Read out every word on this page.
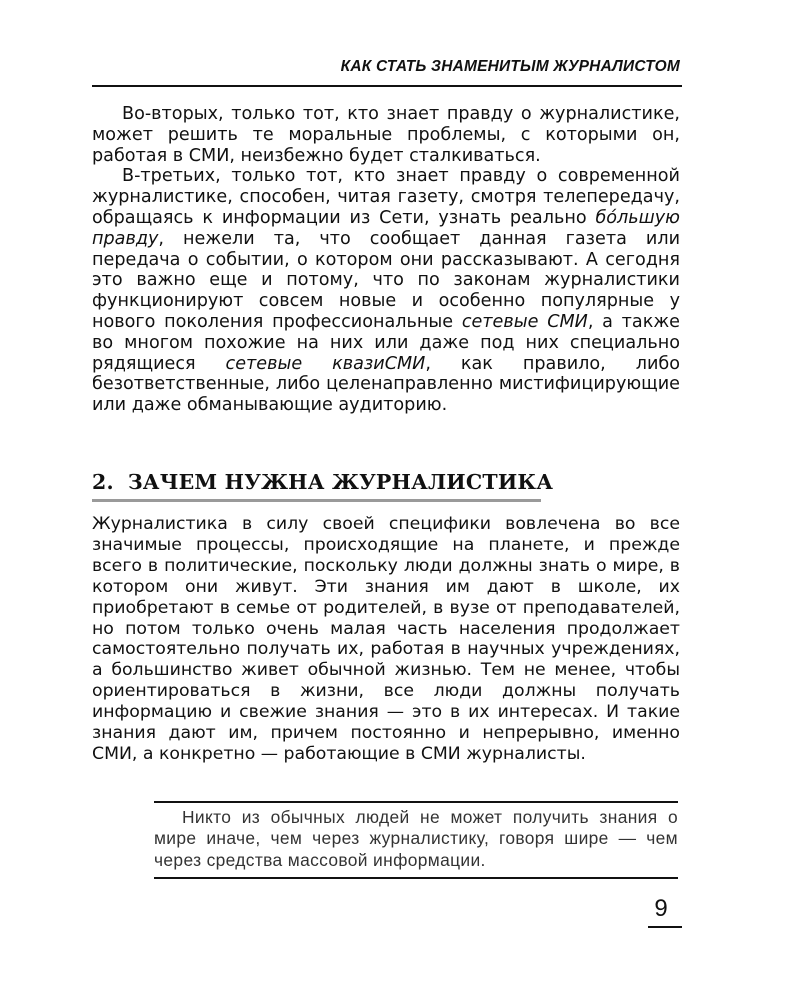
КАК СТАТЬ ЗНАМЕНИТЫМ ЖУРНАЛИСТОМ

Во-вторых, только тот, кто знает правду о журналистике, может решить те моральные проблемы, с которыми он, работая в СМИ, неизбежно будет сталкиваться.

В-третьих, только тот, кто знает правду о современной журналистике, способен, читая газету, смотря телепередачу, обращаясь к информации из Сети, узнать реально бóльшую правду, нежели та, что сообщает данная газета или передача о событии, о котором они рассказывают. А сегодня это важно еще и потому, что по законам журналистики функционируют совсем новые и особенно популярные у нового поколения профессиональные сетевые СМИ, а также во многом похожие на них или даже под них специально рядящиеся сетевые квазиСМИ, как правило, либо безответственные, либо целенаправленно мистифицирующие или даже обманывающие аудиторию.

2. ЗАЧЕМ НУЖНА ЖУРНАЛИСТИКА

Журналистика в силу своей специфики вовлечена во все значимые процессы, происходящие на планете, и прежде всего в политические, поскольку люди должны знать о мире, в котором они живут. Эти знания им дают в школе, их приобретают в семье от родителей, в вузе от преподавателей, но потом только очень малая часть населения продолжает самостоятельно получать их, работая в научных учреждениях, а большинство живет обычной жизнью. Тем не менее, чтобы ориентироваться в жизни, все люди должны получать информацию и свежие знания — это в их интересах. И такие знания дают им, причем постоянно и непрерывно, именно СМИ, а конкретно — работающие в СМИ журналисты.

Никто из обычных людей не может получить знания о мире иначе, чем через журналистику, говоря шире — чем через средства массовой информации.

9
